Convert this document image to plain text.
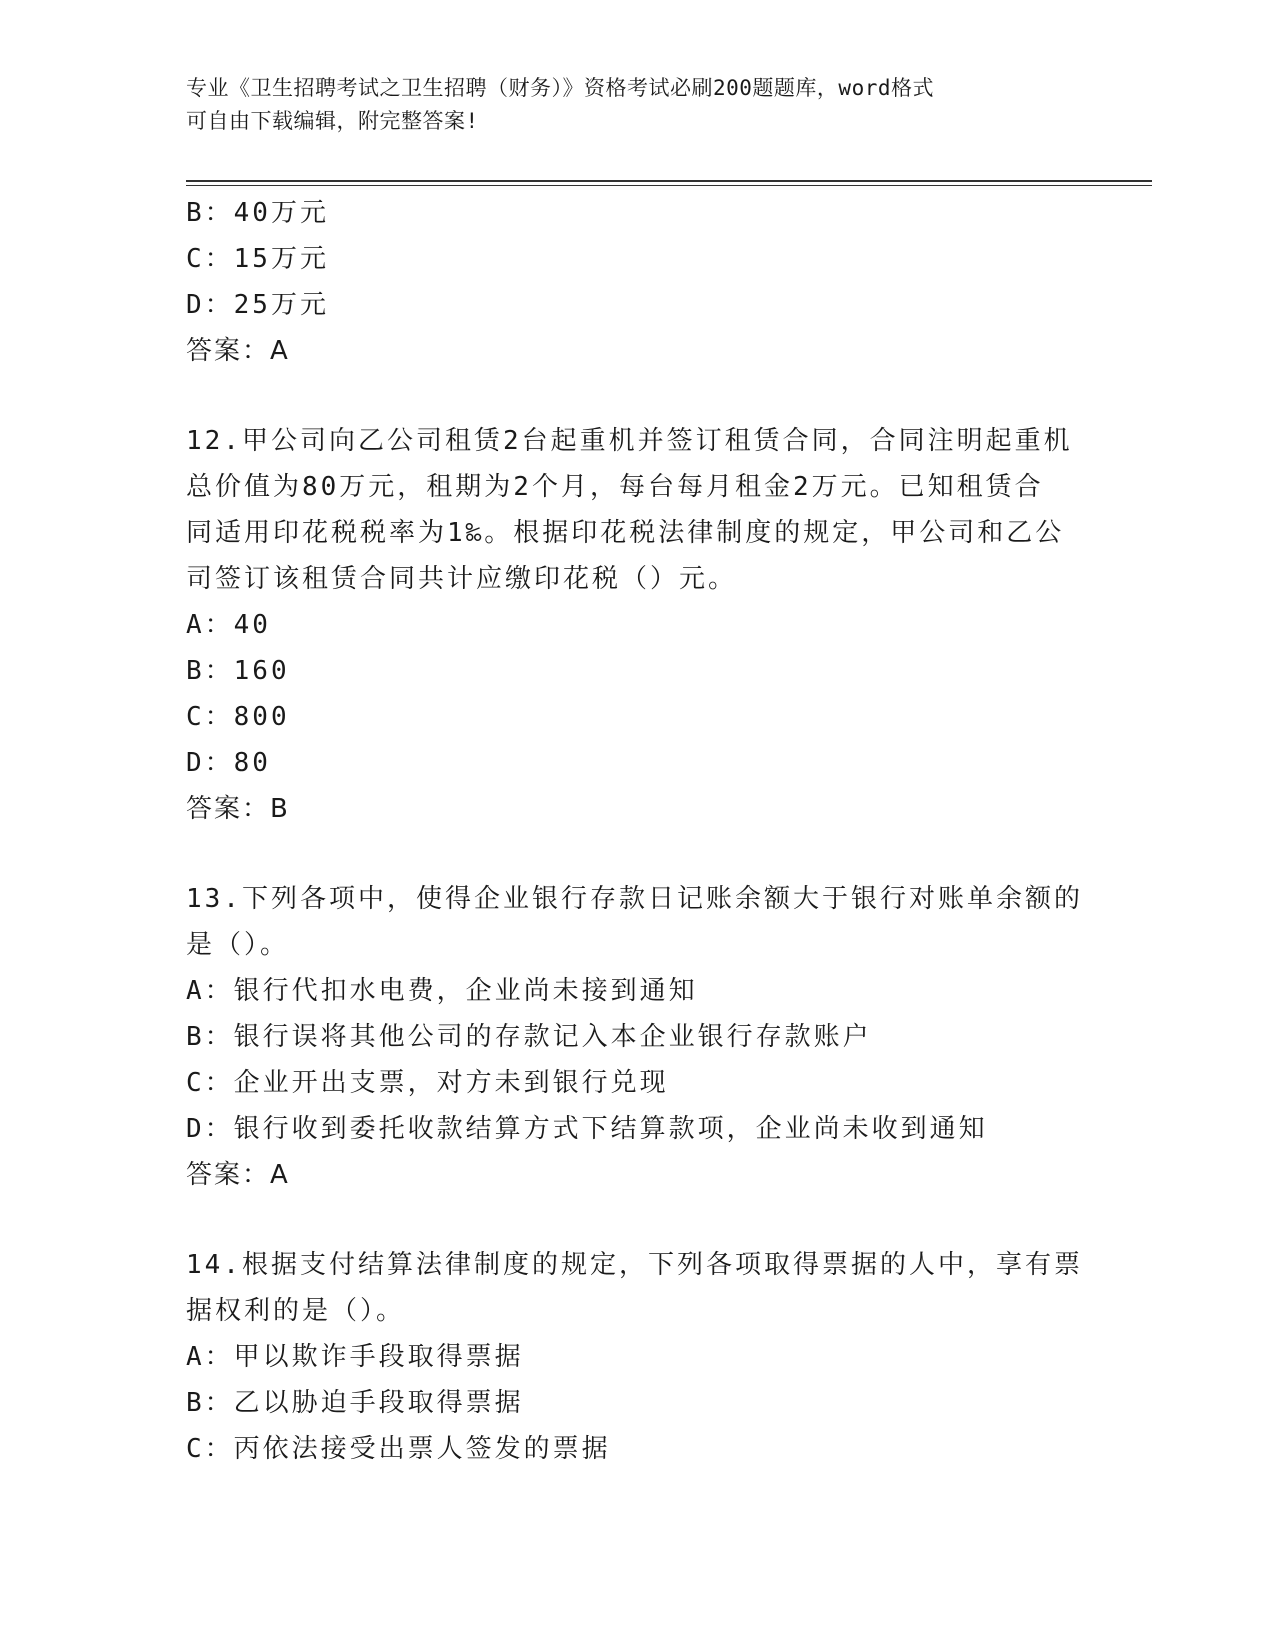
专业《卫生招聘考试之卫生招聘（财务）》资格考试必刷200题题库，word格式
可自由下载编辑，附完整答案!
B：40万元
C：15万元
D：25万元
答案：A
12.甲公司向乙公司租赁2台起重机并签订租赁合同，合同注明起重机
总价值为80万元，租期为2个月，每台每月租金2万元。已知租赁合
同适用印花税税率为1‰。根据印花税法律制度的规定，甲公司和乙公
司签订该租赁合同共计应缴印花税（）元。
A：40
B：160
C：800
D：80
答案：B
13.下列各项中，使得企业银行存款日记账余额大于银行对账单余额的
是（）。
A：银行代扣水电费，企业尚未接到通知
B：银行误将其他公司的存款记入本企业银行存款账户
C：企业开出支票，对方未到银行兑现
D：银行收到委托收款结算方式下结算款项，企业尚未收到通知
答案：A
14.根据支付结算法律制度的规定，下列各项取得票据的人中，享有票
据权利的是（）。
A：甲以欺诈手段取得票据
B：乙以胁迫手段取得票据
C：丙依法接受出票人签发的票据
